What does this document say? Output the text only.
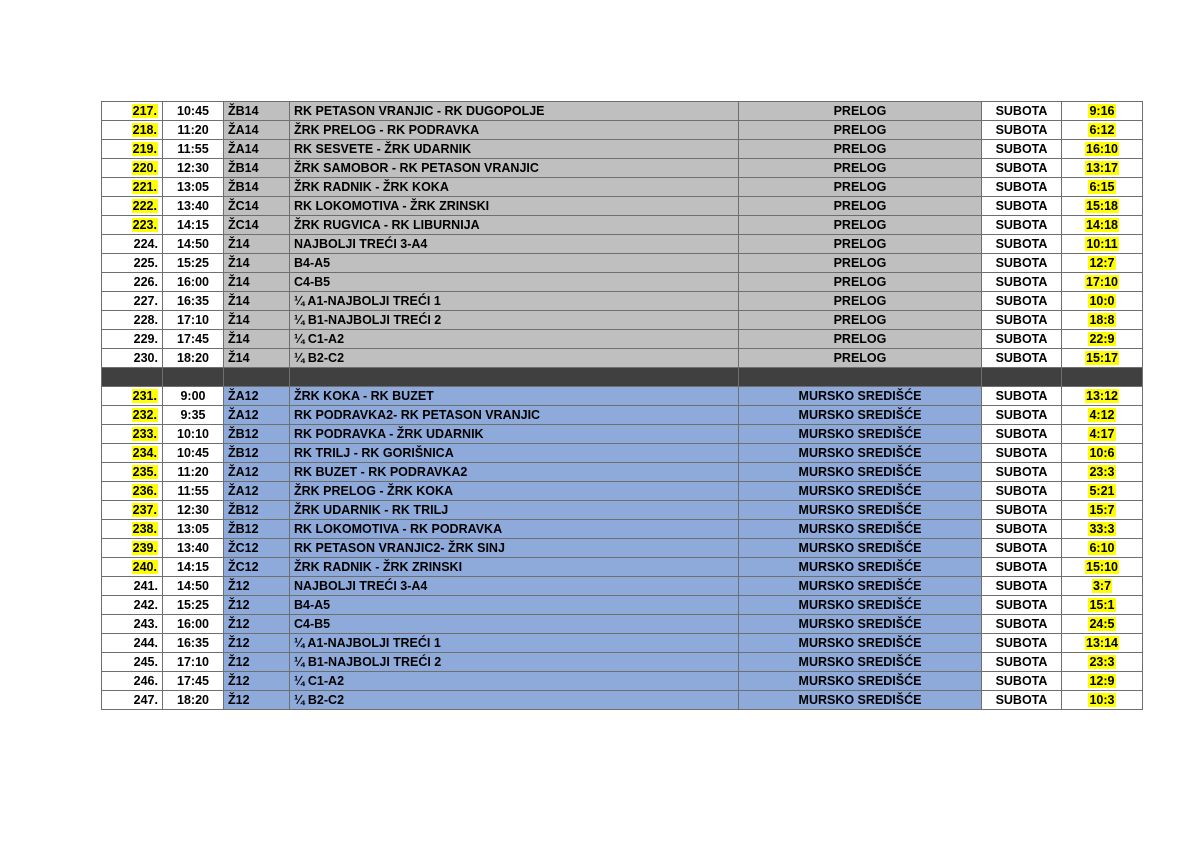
217.	10:45	ŽB14	RK PETASON VRANJIC - RK DUGOPOLJE	PRELOG	SUBOTA	9:16
218.	11:20	ŽA14	ŽRK PRELOG - RK PODRAVKA	PRELOG	SUBOTA	6:12
219.	11:55	ŽA14	RK SESVETE - ŽRK UDARNIK	PRELOG	SUBOTA	16:10
220.	12:30	ŽB14	ŽRK SAMOBOR - RK PETASON VRANJIC	PRELOG	SUBOTA	13:17
221.	13:05	ŽB14	ŽRK RADNIK - ŽRK KOKA	PRELOG	SUBOTA	6:15
222.	13:40	ŽC14	RK LOKOMOTIVA - ŽRK ZRINSKI	PRELOG	SUBOTA	15:18
223.	14:15	ŽC14	ŽRK RUGVICA - RK LIBURNIJA	PRELOG	SUBOTA	14:18
224.	14:50	Ž14	NAJBOLJI TREĆI 3-A4	PRELOG	SUBOTA	10:11
225.	15:25	Ž14	B4-A5	PRELOG	SUBOTA	12:7
226.	16:00	Ž14	C4-B5	PRELOG	SUBOTA	17:10
227.	16:35	Ž14	¼ A1-NAJBOLJI TREĆI 1	PRELOG	SUBOTA	10:0
228.	17:10	Ž14	¼ B1-NAJBOLJI TREĆI 2	PRELOG	SUBOTA	18:8
229.	17:45	Ž14	¼ C1-A2	PRELOG	SUBOTA	22:9
230.	18:20	Ž14	¼ B2-C2	PRELOG	SUBOTA	15:17

231.	9:00	ŽA12	ŽRK KOKA - RK BUZET	MURSKO SREDIŠĆE	SUBOTA	13:12
232.	9:35	ŽA12	RK PODRAVKA2- RK PETASON VRANJIC	MURSKO SREDIŠĆE	SUBOTA	4:12
233.	10:10	ŽB12	RK PODRAVKA - ŽRK UDARNIK	MURSKO SREDIŠĆE	SUBOTA	4:17
234.	10:45	ŽB12	RK TRILJ - RK GORIŠNICA	MURSKO SREDIŠĆE	SUBOTA	10:6
235.	11:20	ŽA12	RK BUZET - RK PODRAVKA2	MURSKO SREDIŠĆE	SUBOTA	23:3
236.	11:55	ŽA12	ŽRK PRELOG - ŽRK KOKA	MURSKO SREDIŠĆE	SUBOTA	5:21
237.	12:30	ŽB12	ŽRK UDARNIK - RK TRILJ	MURSKO SREDIŠĆE	SUBOTA	15:7
238.	13:05	ŽB12	RK LOKOMOTIVA - RK PODRAVKA	MURSKO SREDIŠĆE	SUBOTA	33:3
239.	13:40	ŽC12	RK PETASON VRANJIC2- ŽRK SINJ	MURSKO SREDIŠĆE	SUBOTA	6:10
240.	14:15	ŽC12	ŽRK RADNIK - ŽRK ZRINSKI	MURSKO SREDIŠĆE	SUBOTA	15:10
241.	14:50	Ž12	NAJBOLJI TREĆI 3-A4	MURSKO SREDIŠĆE	SUBOTA	3:7
242.	15:25	Ž12	B4-A5	MURSKO SREDIŠĆE	SUBOTA	15:1
243.	16:00	Ž12	C4-B5	MURSKO SREDIŠĆE	SUBOTA	24:5
244.	16:35	Ž12	¼ A1-NAJBOLJI TREĆI 1	MURSKO SREDIŠĆE	SUBOTA	13:14
245.	17:10	Ž12	¼ B1-NAJBOLJI TREĆI 2	MURSKO SREDIŠĆE	SUBOTA	23:3
246.	17:45	Ž12	¼ C1-A2	MURSKO SREDIŠĆE	SUBOTA	12:9
247.	18:20	Ž12	¼ B2-C2	MURSKO SREDIŠĆE	SUBOTA	10:3
